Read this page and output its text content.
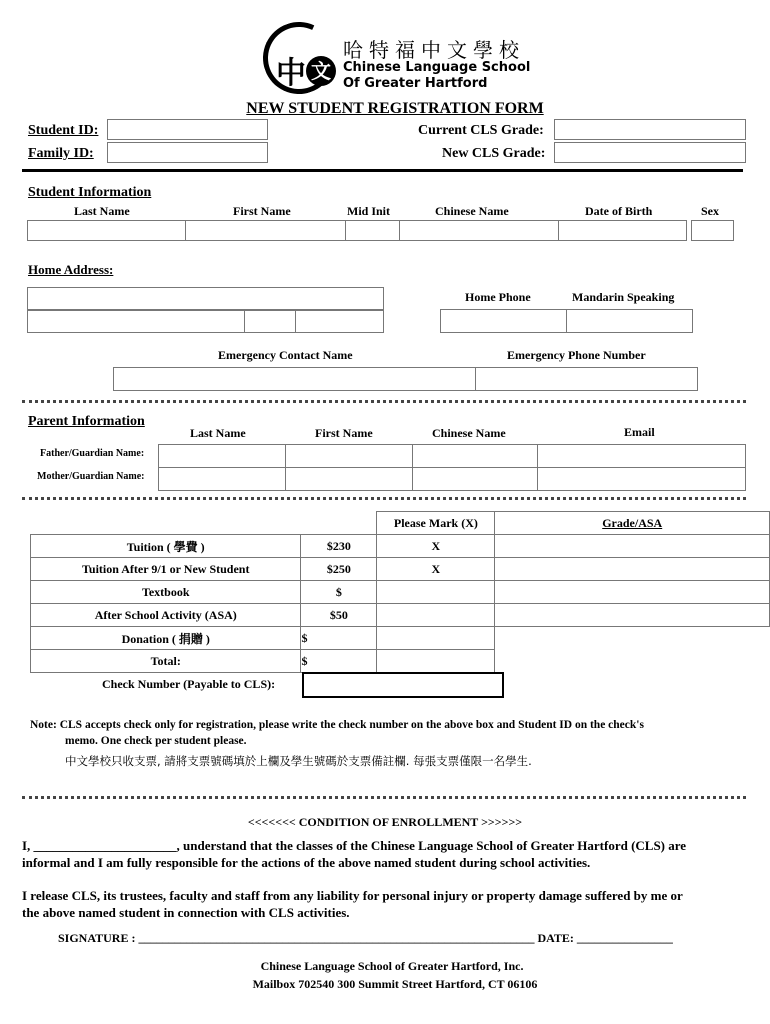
中 文
哈特福中文學校
Chinese Language School
Of Greater Hartford
NEW STUDENT REGISTRATION FORM
Student ID:
Family ID:
Current CLS Grade:
New CLS Grade:
Student Information
Last Name	First Name	Mid Init	Chinese Name	Date of Birth	Sex
Home Address:
Home Phone	Mandarin Speaking
Emergency Contact Name	Emergency Phone Number
Parent Information
Last Name	First Name	Chinese Name	Email
Father/Guardian Name:
Mother/Guardian Name:
		Please Mark (X)	Grade/ASA
Tuition ( 學費 )	$230	X	
Tuition After 9/1 or New Student	$250	X	
Textbook	$		
After School Activity (ASA)	$50		
Donation ( 捐贈 )	$		
Total:	$		
Check Number (Payable to CLS):
Note: CLS accepts check only for registration, please write the check number on the above box and Student ID on the check's
memo. One check per student please.
中文學校只收支票, 請將支票號碼填於上欄及學生號碼於支票備註欄. 每張支票僅限一名學生.
<<<<<<< CONDITION OF ENROLLMENT >>>>>>
I, ______________________, understand that the classes of the Chinese Language School of Greater Hartford (CLS) are
informal and I am fully responsible for the actions of the above named student during school activities.
I release CLS, its trustees, faculty and staff from any liability for personal injury or property damage suffered by me or
the above named student in connection with CLS activities.
SIGNATURE : __________________________________________________________________ DATE: ________________
Chinese Language School of Greater Hartford, Inc.
Mailbox 702540 300 Summit Street Hartford, CT 06106
